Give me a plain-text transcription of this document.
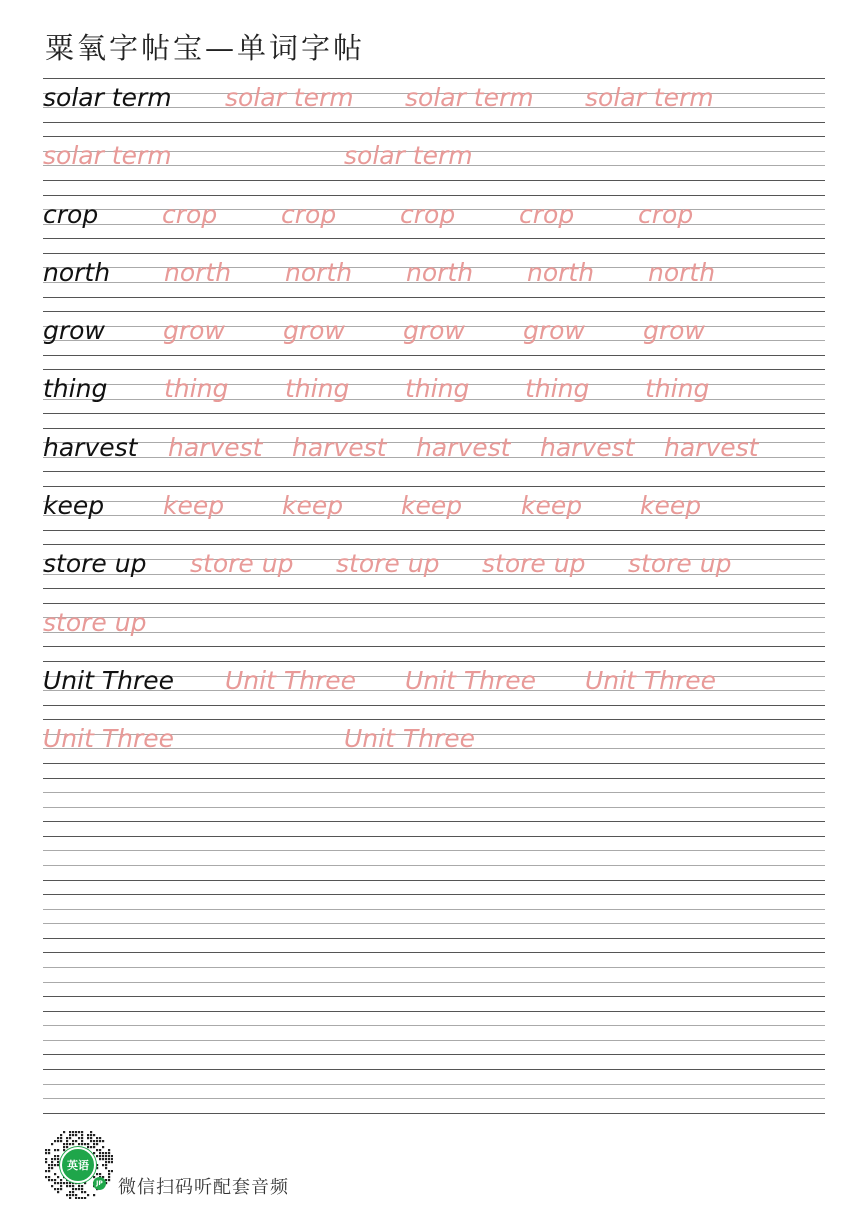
粟氧字帖宝—单词字帖
solar term solar term solar term solar term
solar term	solar term
crop	crop	crop	crop	crop	crop
north north north north north north
grow grow grow grow grow grow
thing thing thing thing thing thing
harvest harvest harvest harvest harvest harvest
keep keep keep keep keep keep
store up store up store up store up store up
store up
Unit Three Unit Three Unit Three Unit Three
Unit Three	Unit Three
英语
JP 微信扫码听配套音频
